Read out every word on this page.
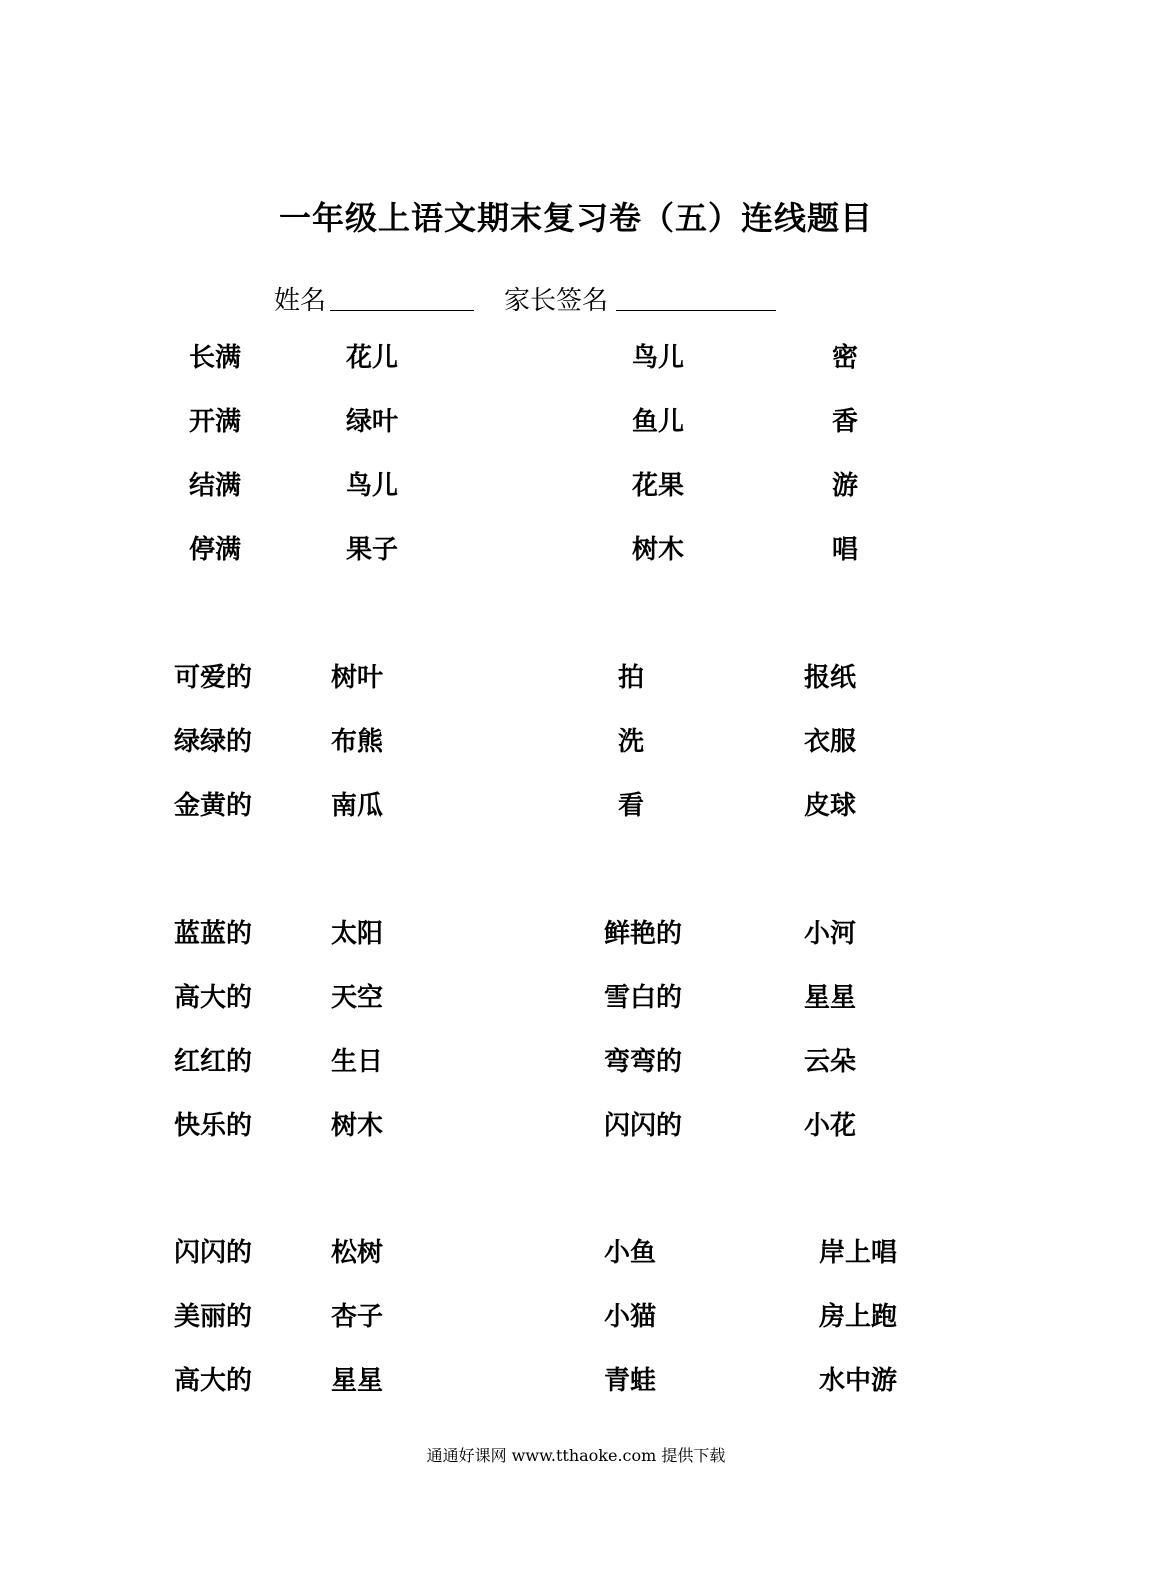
一年级上语文期末复习卷（五）连线题目
姓名	家长签名
长满	花儿	鸟儿	密
开满	绿叶	鱼儿	香
结满	鸟儿	花果	游
停满	果子	树木	唱
可爱的	树叶	拍	报纸
绿绿的	布熊	洗	衣服
金黄的	南瓜	看	皮球
蓝蓝的	太阳	鲜艳的	小河
高大的	天空	雪白的	星星
红红的	生日	弯弯的	云朵
快乐的	树木	闪闪的	小花
闪闪的	松树	小鱼	岸上唱
美丽的	杏子	小猫	房上跑
高大的	星星	青蛙	水中游
通通好课网 www.tthaoke.com 提供下载
